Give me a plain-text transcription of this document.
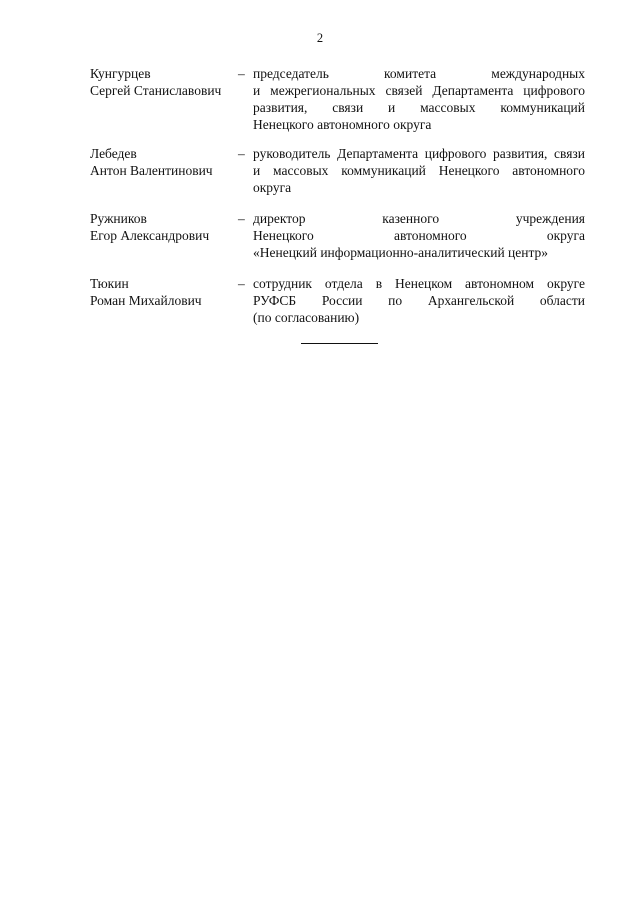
2
Кунгурцев
Сергей Станиславович
– председатель комитета международных
и межрегиональных связей Департамента цифрового
развития, связи и массовых коммуникаций
Ненецкого автономного округа
Лебедев
Антон Валентинович
– руководитель Департамента цифрового развития, связи
и массовых коммуникаций Ненецкого автономного
округа
Ружников
Егор Александрович
– директор казенного учреждения
Ненецкого автономного округа
«Ненецкий информационно-аналитический центр»
Тюкин
Роман Михайлович
– сотрудник отдела в Ненецком автономном округе
РУФСБ России по Архангельской области
(по согласованию)
